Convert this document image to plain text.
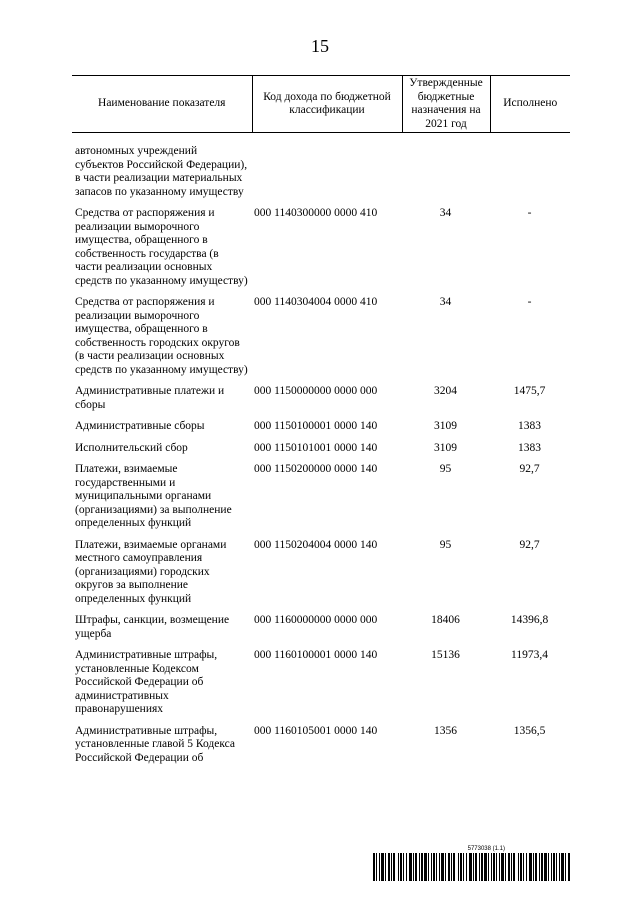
15
Наименование показателя	Код дохода по бюджетной классификации	Утвержденные бюджетные назначения на 2021 год	Исполнено
автономных учреждений субъектов Российской Федерации), в части реализации материальных запасов по указанному имуществу			
Средства от распоряжения и реализации выморочного имущества, обращенного в собственность государства (в части реализации основных средств по указанному имуществу)	000 1140300000 0000 410	34	-
Средства от распоряжения и реализации выморочного имущества, обращенного в собственность городских округов (в части реализации основных средств по указанному имуществу)	000 1140304004 0000 410	34	-
Административные платежи и сборы	000 1150000000 0000 000	3204	1475,7
Административные сборы	000 1150100001 0000 140	3109	1383
Исполнительский сбор	000 1150101001 0000 140	3109	1383
Платежи, взимаемые государственными и муниципальными органами (организациями) за выполнение определенных функций	000 1150200000 0000 140	95	92,7
Платежи, взимаемые органами местного самоуправления (организациями) городских округов за выполнение определенных функций	000 1150204004 0000 140	95	92,7
Штрафы, санкции, возмещение ущерба	000 1160000000 0000 000	18406	14396,8
Административные штрафы, установленные Кодексом Российской Федерации об административных правонарушениях	000 1160100001 0000 140	15136	11973,4
Административные штрафы, установленные главой 5 Кодекса Российской Федерации об	000 1160105001 0000 140	1356	1356,5
5773038 (1.1)
